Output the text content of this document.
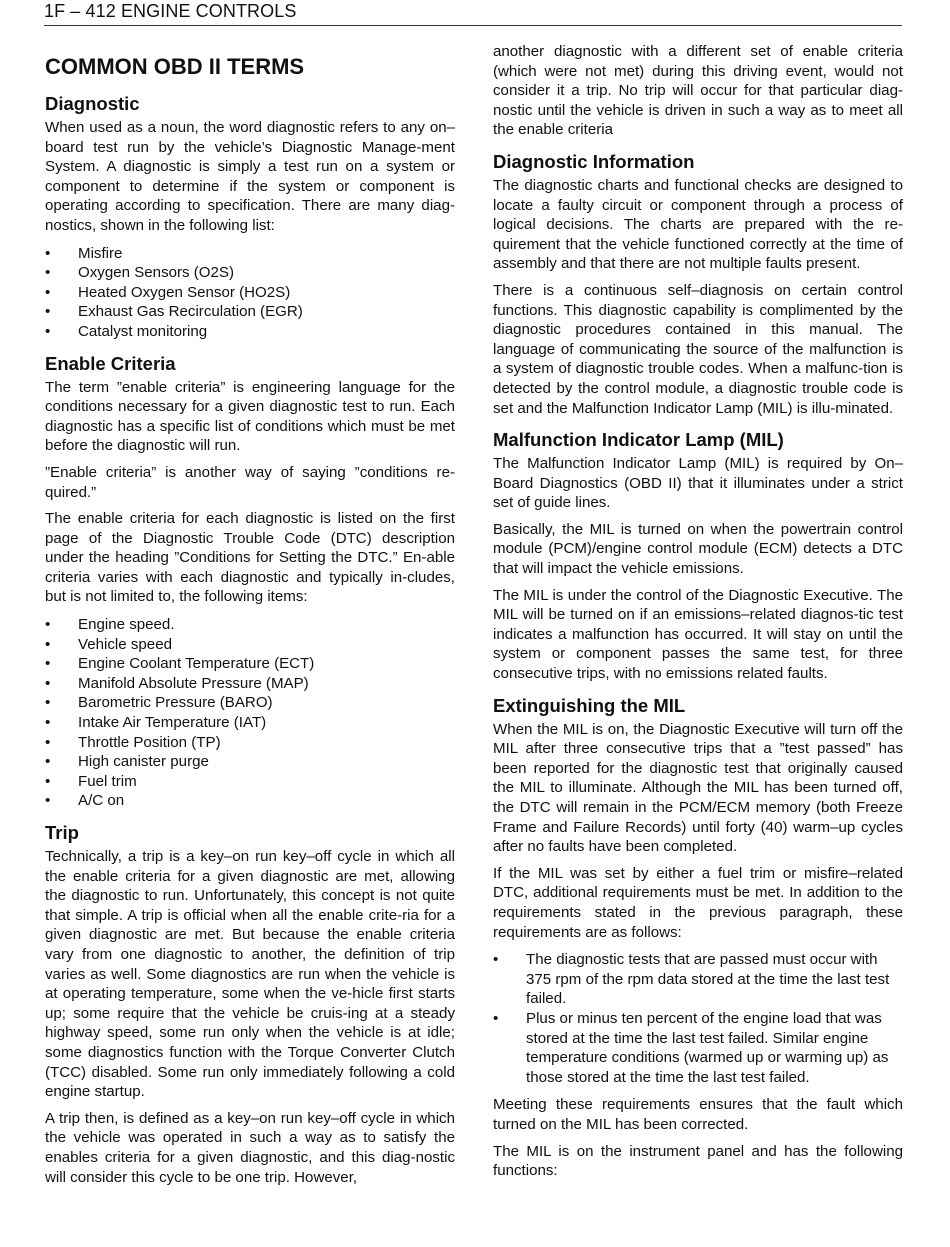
1F – 412 ENGINE CONTROLS
COMMON OBD II TERMS
Diagnostic

When used as a noun, the word diagnostic refers to any on–board test run by the vehicle’s Diagnostic Manage-ment System. A diagnostic is simply a test run on a system or component to determine if the system or component is operating according to specification. There are many diag-nostics, shown in the following list:

• Misfire
• Oxygen Sensors (O2S)
• Heated Oxygen Sensor (HO2S)
• Exhaust Gas Recirculation (EGR)
• Catalyst monitoring
Enable Criteria

The term ”enable criteria” is engineering language for the conditions necessary for a given diagnostic test to run. Each diagnostic has a specific list of conditions which must be met before the diagnostic will run.

”Enable criteria” is another way of saying ”conditions re-quired.”

The enable criteria for each diagnostic is listed on the first page of the Diagnostic Trouble Code (DTC) description under the heading ”Conditions for Setting the DTC.” En-able criteria varies with each diagnostic and typically in-cludes, but is not limited to, the following items:

• Engine speed.
• Vehicle speed
• Engine Coolant Temperature (ECT)
• Manifold Absolute Pressure (MAP)
• Barometric Pressure (BARO)
• Intake Air Temperature (IAT)
• Throttle Position (TP)
• High canister purge
• Fuel trim
• A/C on
Trip

Technically, a trip is a key–on run key–off cycle in which all the enable criteria for a given diagnostic are met, allowing the diagnostic to run. Unfortunately, this concept is not quite that simple. A trip is official when all the enable crite-ria for a given diagnostic are met. But because the enable criteria vary from one diagnostic to another, the definition of trip varies as well. Some diagnostics are run when the vehicle is at operating temperature, some when the ve-hicle first starts up; some require that the vehicle be cruis-ing at a steady highway speed, some run only when the vehicle is at idle; some diagnostics function with the Torque Converter Clutch (TCC) disabled. Some run only immediately following a cold engine startup.

A trip then, is defined as a key–on run key–off cycle in which the vehicle was operated in such a way as to satisfy the enables criteria for a given diagnostic, and this diag-nostic will consider this cycle to be one trip. However,

another diagnostic with a different set of enable criteria (which were not met) during this driving event, would not consider it a trip. No trip will occur for that particular diag-nostic until the vehicle is driven in such a way as to meet all the enable criteria

Diagnostic Information

The diagnostic charts and functional checks are designed to locate a faulty circuit or component through a process of logical decisions. The charts are prepared with the re-quirement that the vehicle functioned correctly at the time of assembly and that there are not multiple faults present.

There is a continuous self–diagnosis on certain control functions. This diagnostic capability is complimented by the diagnostic procedures contained in this manual. The language of communicating the source of the malfunction is a system of diagnostic trouble codes. When a malfunc-tion is detected by the control module, a diagnostic trouble code is set and the Malfunction Indicator Lamp (MIL) is illu-minated.

Malfunction Indicator Lamp (MIL)

The Malfunction Indicator Lamp (MIL) is required by On–Board Diagnostics (OBD II) that it illuminates under a strict set of guide lines.

Basically, the MIL is turned on when the powertrain control module (PCM)/engine control module (ECM) detects a DTC that will impact the vehicle emissions.

The MIL is under the control of the Diagnostic Executive. The MIL will be turned on if an emissions–related diagnos-tic test indicates a malfunction has occurred. It will stay on until the system or component passes the same test, for three consecutive trips, with no emissions related faults.

Extinguishing the MIL

When the MIL is on, the Diagnostic Executive will turn off the MIL after three consecutive trips that a ”test passed” has been reported for the diagnostic test that originally caused the MIL to illuminate. Although the MIL has been turned off, the DTC will remain in the PCM/ECM memory (both Freeze Frame and Failure Records) until forty (40) warm–up cycles after no faults have been completed.

If the MIL was set by either a fuel trim or misfire–related DTC, additional requirements must be met. In addition to the requirements stated in the previous paragraph, these requirements are as follows:

• The diagnostic tests that are passed must occur with 375 rpm of the rpm data stored at the time the last test failed.
• Plus or minus ten percent of the engine load that was stored at the time the last test failed. Similar engine temperature conditions (warmed up or warming up) as those stored at the time the last test failed.

Meeting these requirements ensures that the fault which turned on the MIL has been corrected.

The MIL is on the instrument panel and has the following functions:
